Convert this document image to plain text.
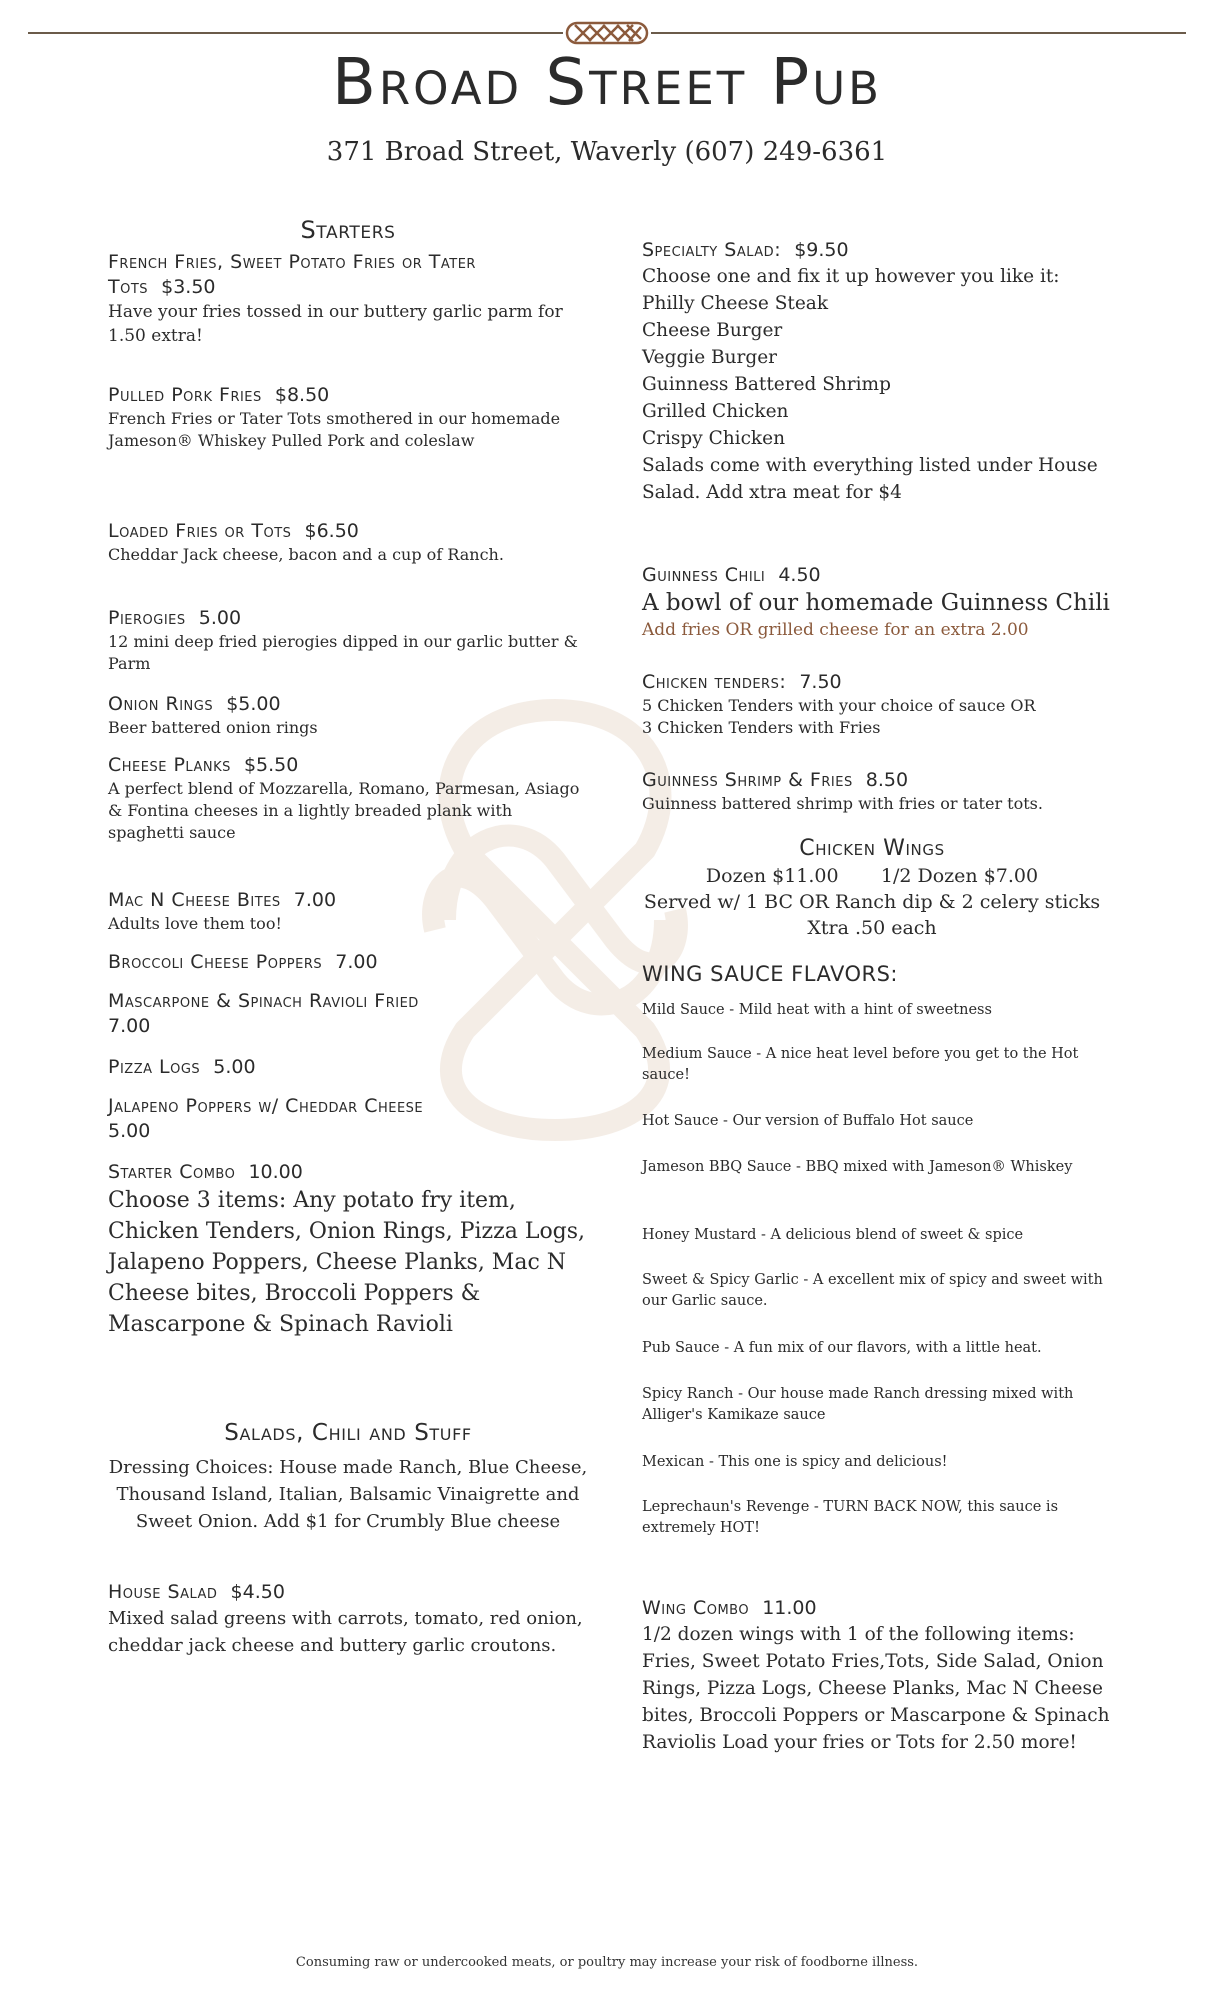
Broad Street Pub
371 Broad Street, Waverly (607) 249-6361
Starters
French Fries, Sweet Potato Fries or Tater Tots $3.50
Have your fries tossed in our buttery garlic parm for 1.50 extra!
Pulled Pork Fries $8.50
French Fries or Tater Tots smothered in our homemade Jameson® Whiskey Pulled Pork and coleslaw
Loaded Fries or Tots $6.50
Cheddar Jack cheese, bacon and a cup of Ranch.
Pierogies 5.00
12 mini deep fried pierogies dipped in our garlic butter & Parm
Onion Rings $5.00
Beer battered onion rings
Cheese Planks $5.50
A perfect blend of Mozzarella, Romano, Parmesan, Asiago & Fontina cheeses in a lightly breaded plank with spaghetti sauce
Mac N Cheese Bites 7.00
Adults love them too!
Broccoli Cheese Poppers 7.00
Mascarpone & Spinach Ravioli Fried
7.00
Pizza Logs 5.00
Jalapeno Poppers w/ Cheddar Cheese
5.00
Starter Combo 10.00
Choose 3 items: Any potato fry item, Chicken Tenders, Onion Rings, Pizza Logs, Jalapeno Poppers, Cheese Planks, Mac N Cheese bites, Broccoli Poppers & Mascarpone & Spinach Ravioli
Salads, Chili and Stuff
Dressing Choices: House made Ranch, Blue Cheese, Thousand Island, Italian, Balsamic Vinaigrette and Sweet Onion. Add $1 for Crumbly Blue cheese
House Salad $4.50
Mixed salad greens with carrots, tomato, red onion, cheddar jack cheese and buttery garlic croutons.
Specialty Salad: $9.50
Choose one and fix it up however you like it:
Philly Cheese Steak
Cheese Burger
Veggie Burger
Guinness Battered Shrimp
Grilled Chicken
Crispy Chicken
Salads come with everything listed under House Salad. Add xtra meat for $4
Guinness Chili 4.50
A bowl of our homemade Guinness Chili
Add fries OR grilled cheese for an extra 2.00
Chicken tenders: 7.50
5 Chicken Tenders with your choice of sauce OR
3 Chicken Tenders with Fries
Guinness Shrimp & Fries 8.50
Guinness battered shrimp with fries or tater tots.
Chicken Wings
Dozen $11.00 1/2 Dozen $7.00
Served w/ 1 BC OR Ranch dip & 2 celery sticks
Xtra .50 each
WING SAUCE FLAVORS:
Mild Sauce - Mild heat with a hint of sweetness
Medium Sauce - A nice heat level before you get to the Hot sauce!
Hot Sauce - Our version of Buffalo Hot sauce
Jameson BBQ Sauce - BBQ mixed with Jameson® Whiskey
Honey Mustard - A delicious blend of sweet & spice
Sweet & Spicy Garlic - A excellent mix of spicy and sweet with our Garlic sauce.
Pub Sauce - A fun mix of our flavors, with a little heat.
Spicy Ranch - Our house made Ranch dressing mixed with Alliger's Kamikaze sauce
Mexican - This one is spicy and delicious!
Leprechaun's Revenge - TURN BACK NOW, this sauce is extremely HOT!
Wing Combo 11.00
1/2 dozen wings with 1 of the following items: Fries, Sweet Potato Fries,Tots, Side Salad, Onion Rings, Pizza Logs, Cheese Planks, Mac N Cheese bites, Broccoli Poppers or Mascarpone & Spinach Raviolis Load your fries or Tots for 2.50 more!
Consuming raw or undercooked meats, or poultry may increase your risk of foodborne illness.
